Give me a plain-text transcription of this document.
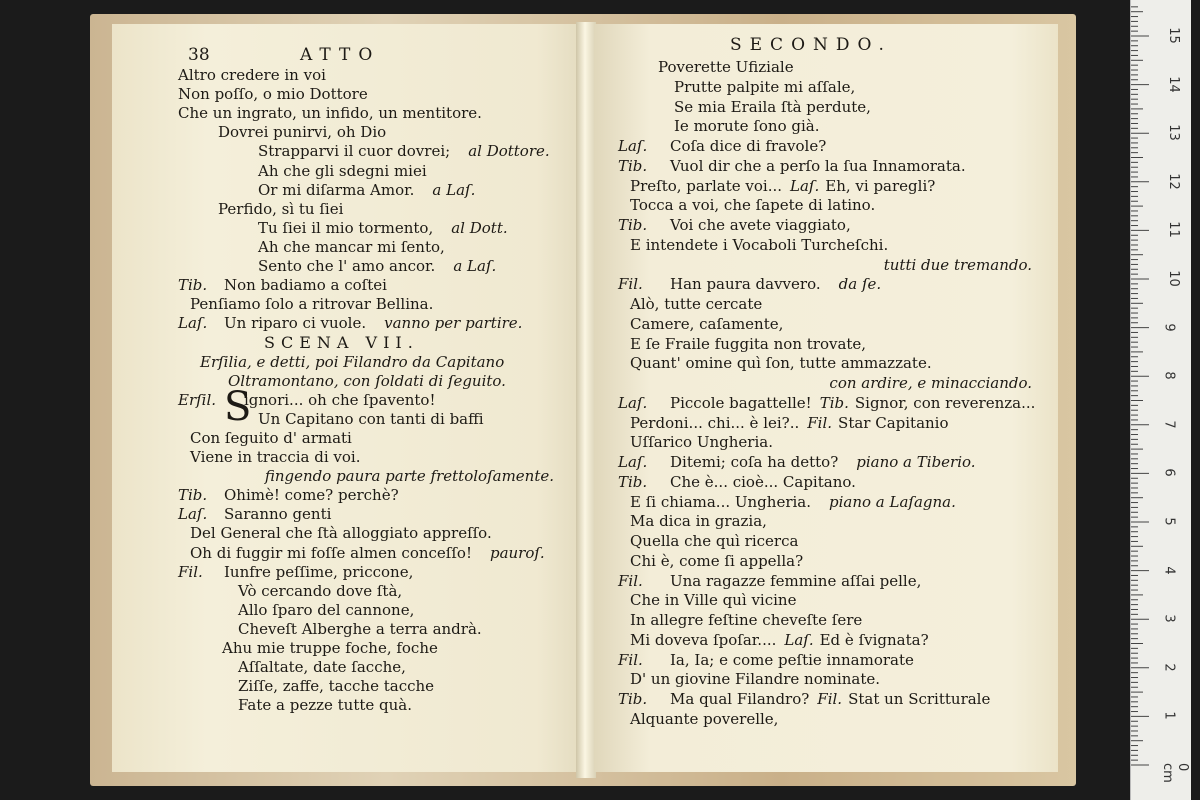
38	ATTO
Altro credere in voi
Non poſſo, o mio Dottore
Che un ingrato, un infido, un mentitore.
Dovrei punirvi, oh Dio
Strapparvi il cuor dovrei; al Dottore.
Ah che gli sdegni miei
Or mi diſarma Amor. a Laſ.
Perfido, sì tu ſiei
Tu ſiei il mio tormento, al Dott.
Ah che mancar mi ſento,
Sento che l' amo ancor. a Laſ.
Tib. Non badiamo a coſtei
Penſiamo ſolo a ritrovar Bellina.
Laſ. Un riparo ci vuole. vanno per partire.
SCENA VII.
Erſilia, e detti, poi Filandro da Capitano
Oltramontano, con ſoldati di ſeguito.
Erſil. S
ignori... oh che ſpavento!
Un Capitano con tanti di baffi
Con ſeguito d' armati
Viene in traccia di voi.
fingendo paura parte frettoloſamente.
Tib. Ohimè! come? perchè?
Laſ. Saranno genti
Del General che ſtà alloggiato appreſſo.
Oh di fuggir mi foſſe almen conceſſo! pauroſ.
Fil. Iunfre peſſime, priccone,
Vò cercando dove ſtà,
Allo ſparo del cannone,
Cheveſt Alberghe a terra andrà.
Ahu mie truppe foche, foche
Aſſaltate, date ſacche,
Ziſſe, zaffe, tacche tacche
Fate a pezze tutte quà.
SECONDO.
Poverette Ufiziale
Prutte palpite mi aſſale,
Se mia Eraila ſtà perdute,
Ie morute ſono già.
Laſ. Coſa dice di fravole?
Tib. Vuol dir che a perſo la ſua Innamorata.
Preſto, parlate voi... Laſ. Eh, vi paregli?
Tocca a voi, che ſapete di latino.
Tib. Voi che avete viaggiato,
E intendete i Vocaboli Turcheſchi.
tutti due tremando.
Fil. Han paura davvero. da ſe.
Alò, tutte cercate
Camere, caſamente,
E ſe Fraile fuggita non trovate,
Quant' omine quì ſon, tutte ammazzate.
con ardire, e minacciando.
Laſ. Piccole bagattelle! Tib. Signor, con reverenza...
Perdoni... chi... è lei?.. Fil. Star Capitanio
Uſſarico Ungheria.
Laſ. Ditemi; coſa ha detto? piano a Tiberio.
Tib. Che è... cioè... Capitano.
E ſi chiama... Ungheria. piano a Laſagna.
Ma dica in grazia,
Quella che quì ricerca
Chi è, come ſi appella?
Fil. Una ragazze femmine aſſai pelle,
Che in Ville quì vicine
In allegre feſtine cheveſte ſere
Mi doveva ſpoſar.... Laſ. Ed è ſvignata?
Fil. Ia, Ia; e come peſtie innamorate
D' un giovine Filandre nominate.
Tib. Ma qual Filandro? Fil. Stat un Scritturale
Alquante poverelle,
0 cm
1
2
3
4
5
6
7
8
9
10
11
12
13
14
15
